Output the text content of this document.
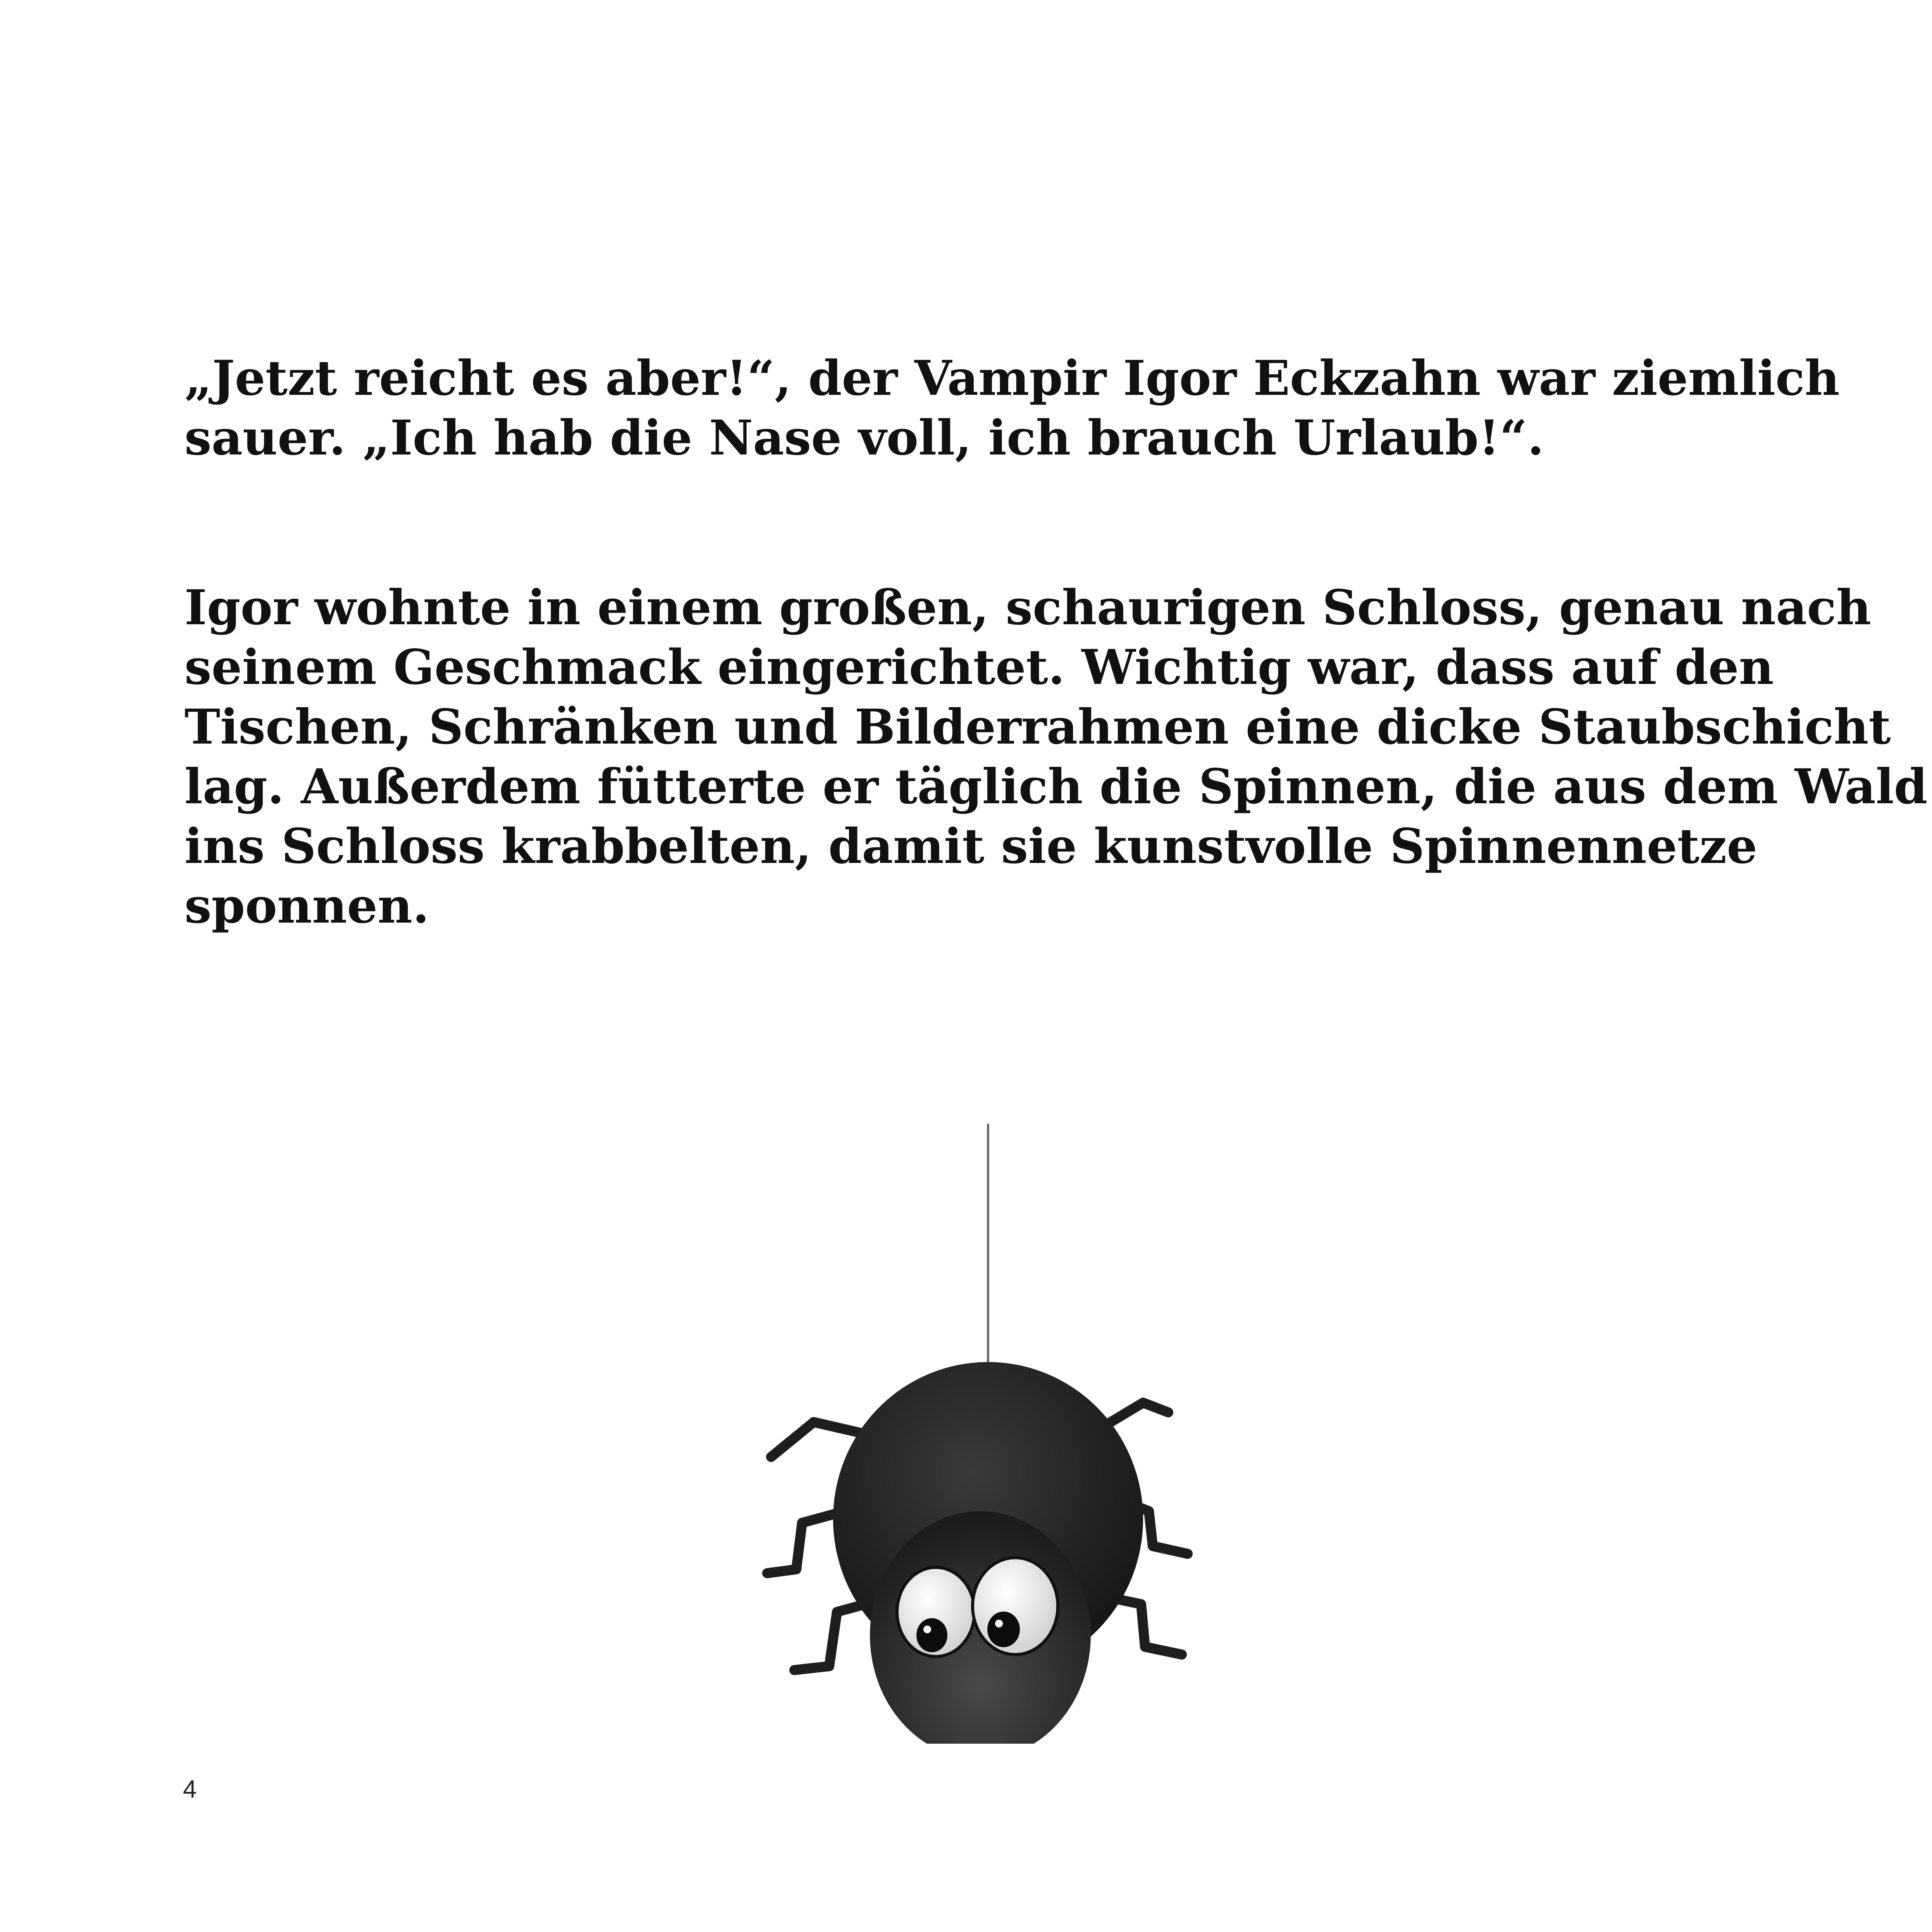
„Jetzt reicht es aber!“, der Vampir Igor Eckzahn war ziemlich
sauer. „Ich hab die Nase voll, ich brauch Urlaub!“.
Igor wohnte in einem großen, schaurigen Schloss, genau nach
seinem Geschmack eingerichtet. Wichtig war, dass auf den
Tischen, Schränken und Bilderrahmen eine dicke Staubschicht
lag. Außerdem fütterte er täglich die Spinnen, die aus dem Wald
ins Schloss krabbelten, damit sie kunstvolle Spinnennetze
sponnen.

4
